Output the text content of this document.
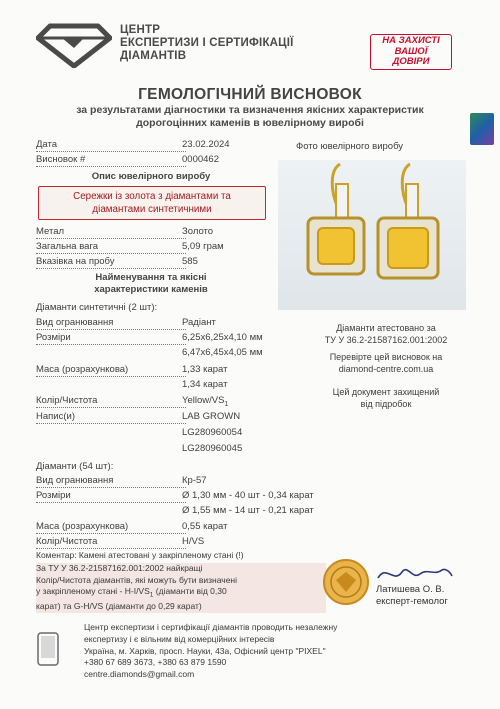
ЦЕНТР
ЕКСПЕРТИЗИ І СЕРТИФІКАЦІЇ
ДІАМАНТІВ
НА ЗАХИСТІ
ВАШОЇ
ДОВІРИ
ГЕМОЛОГІЧНИЙ ВИСНОВОК
за результатами діагностики та визначення якісних характеристик
дорогоцінних каменів в ювелірному виробі
Дата	23.02.2024
Висновок #	0000462
Опис ювелірного виробу
Сережки із золота з діамантами та
діамантами синтетичними
Метал	Золото
Загальна вага	5,09 грам
Вказівка на пробу	585
Найменування та якісні
характеристики каменів
Діаманти синтетичні (2 шт):
Вид огранювання	Радіант
Розміри	6,25x6,25x4,10 мм
6,47x6,45x4,05 мм
Маса (розрахункова)	1,33 карат
1,34 карат
Колір/Чистота	Yellow/$VS_1$
Напис(и)	LAB GROWN
LG280960054
LG280960045
Діаманти (54 шт):
Вид огранювання	Кр-57
Розміри	Ø 1,30 мм - 40 шт - 0,34 карат
Ø 1,55 мм - 14 шт - 0,21 карат
Маса (розрахункова)	0,55 карат
Колір/Чистота	H/VS
Коментар: Камені атестовані у закріпленому стані (!)
За ТУ У 36.2-21587162.001:2002 найкращі
Колір/Чистота діамантів, які можуть бути визначені
у закріпленому стані - $H-I/VS_1$ (діаманти від 0,30
карат) та G-H/VS (діаманти до 0,29 карат)
Фото ювелірного виробу
Діаманти атестовано за
ТУ У 36.2-21587162.001:2002
Перевірте цей висновок на
diamond-centre.com.ua
Цей документ захищений
від підробок
Латишева О. В.
експерт-гемолог
Центр експертизи і сертифікації діамантів проводить незалежну
експертизу і є вільним від комерційних інтересів
Україна, м. Харків, просп. Науки, 43а, Офісний центр "PIXEL"
+380 67 689 3673, +380 63 879 1590
centre.diamonds@gmail.com
